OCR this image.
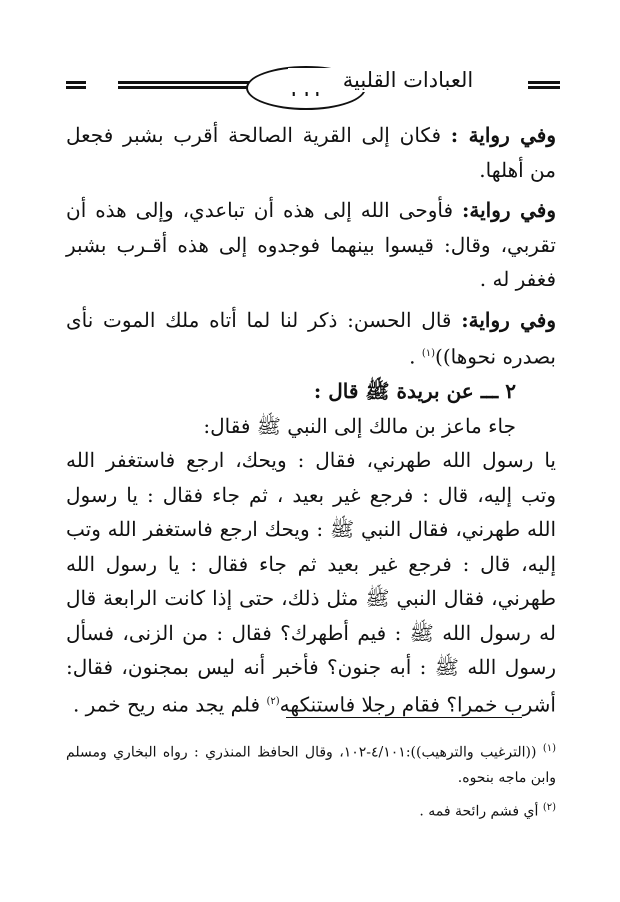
العبادات القلبية

وفي رواية : فكان إلى القرية الصالحة أقرب بشبر فجعل من أهلها.

وفي رواية: فأوحى الله إلى هذه أن تباعدي، وإلى هذه أن تقربي، وقال: قيسوا بينهما فوجدوه إلى هذه أقـرب بشبر فغفر له .

وفي رواية: قال الحسن: ذكر لنا لما أتاه ملك الموت نأى بصدره نحوها))$^{(١)}$ .

٢ ـــ عن بريدة ﷺ قال :

جاء ماعز بن مالك إلى النبي ﷺ فقال:

يا رسول الله طهرني، فقال : ويحك، ارجع فاستغفر الله وتب إليه، قال : فرجع غير بعيد ، ثم جاء فقال : يا رسول الله طهرني، فقال النبي ﷺ : ويحك ارجع فاستغفر الله وتب إليه، قال : فرجع غير بعيد ثم جاء فقال : يا رسول الله طهرني، فقال النبي ﷺ مثل ذلك، حتى إذا كانت الرابعة قال له رسول الله ﷺ : فيم أطهرك؟ فقال : من الزنى، فسأل رسول الله ﷺ : أبه جنون؟ فأخبر أنه ليس بمجنون، فقال: أشرب خمرا؟ فقام رجلا فاستنكهه$^{(٢)}$ فلم يجد منه ريح خمر .

$^{(١)}$ ((الترغيب والترهيب)):٤/١٠١-١٠٢، وقال الحافظ المنذري : رواه البخاري ومسلم وابن ماجه بنحوه.

$^{(٢)}$ أي فشم رائحة فمه .
